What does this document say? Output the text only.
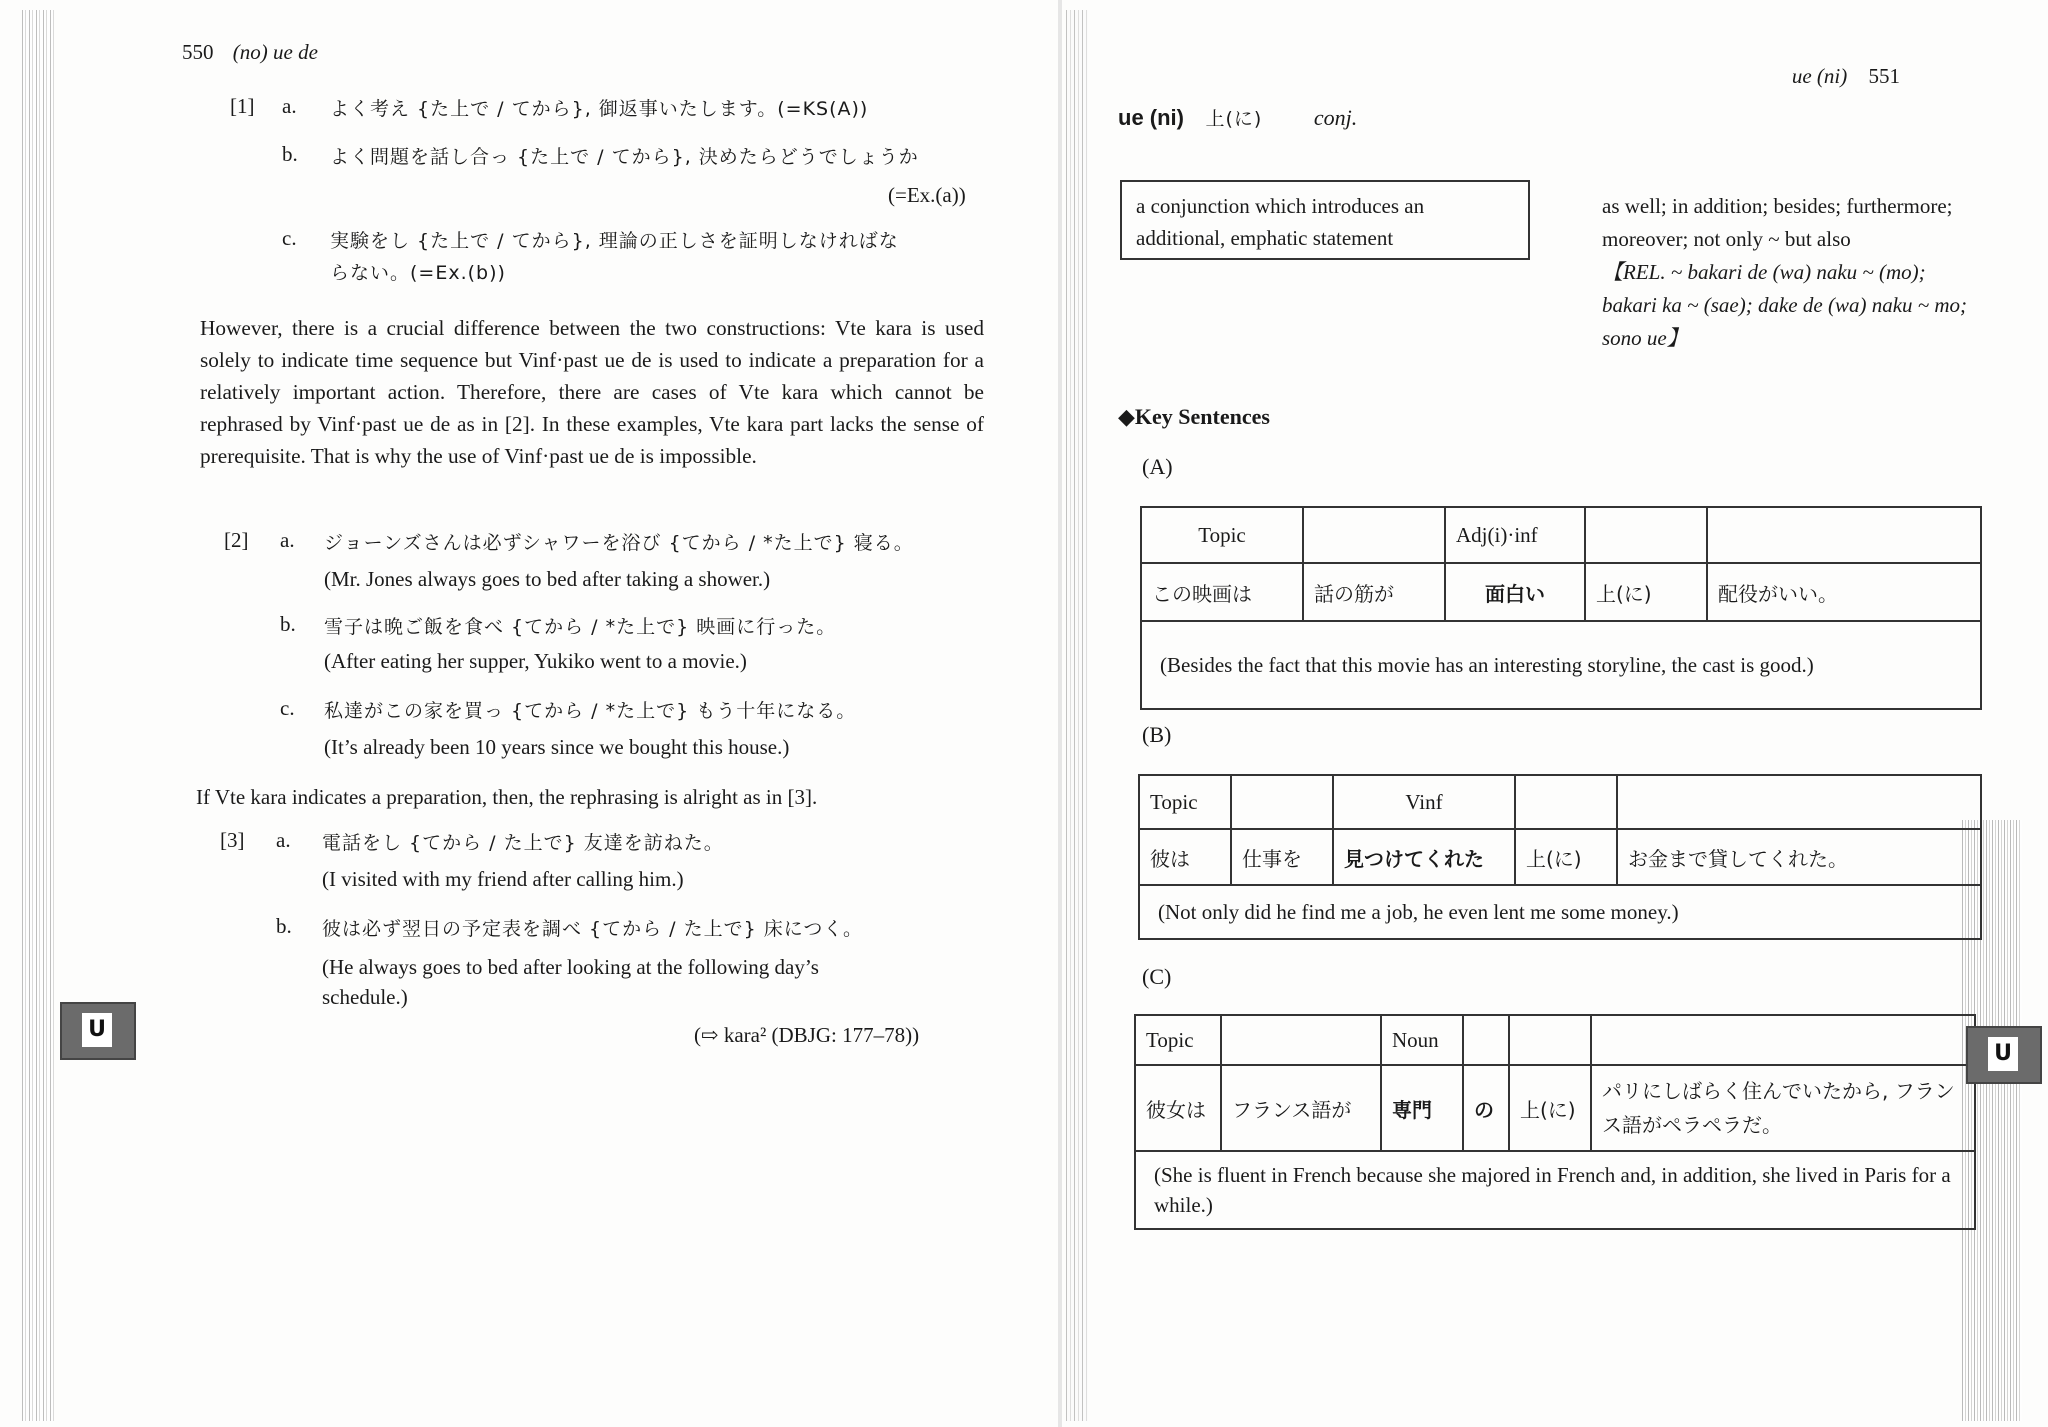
550 (no) ue de
[1] a. よく考え {た上で / てから}, 御返事いたします。(=KS(A))
b. よく問題を話し合っ {た上で / てから}, 決めたらどうでしょうか
(=Ex.(a))
c. 実験をし {た上で / てから}, 理論の正しさを証明しなければな
らない。(=Ex.(b))

However, there is a crucial difference between the two constructions: Vte kara is used solely to indicate time sequence but Vinf·past ue de is used to indicate a preparation for a relatively important action. Therefore, there are cases of Vte kara which cannot be rephrased by Vinf·past ue de as in [2]. In these examples, Vte kara part lacks the sense of prerequisite. That is why the use of Vinf·past ue de is impossible.

[2] a. ジョーンズさんは必ずシャワーを浴び {てから / *た上で} 寝る。
(Mr. Jones always goes to bed after taking a shower.)
b. 雪子は晩ご飯を食べ {てから / *た上で} 映画に行った。
(After eating her supper, Yukiko went to a movie.)
c. 私達がこの家を買っ {てから / *た上で} もう十年になる。
(It’s already been 10 years since we bought this house.)
If Vte kara indicates a preparation, then, the rephrasing is alright as in [3].
[3] a. 電話をし {てから / た上で} 友達を訪ねた。
(I visited with my friend after calling him.)
b. 彼は必ず翌日の予定表を調べ {てから / た上で} 床につく。
(He always goes to bed after looking at the following day’s
schedule.)
(⇨ kara² (DBJG: 177–78))
U
ue (ni) 551
ue (ni) 上(に) conj.
a conjunction which introduces an additional, emphatic statement
as well; in addition; besides; furthermore; moreover; not only ~ but also
【REL. ~ bakari de (wa) naku ~ (mo); bakari ka ~ (sae); dake de (wa) naku ~ mo; sono ue】
◆Key Sentences
(A)
Topic		Adj(i)·inf		
この映画は	話の筋が	面白い	上(に)	配役がいい。
(Besides the fact that this movie has an interesting storyline, the cast is good.)				
(B)
Topic		Vinf		
彼は	仕事を	見つけてくれた	上(に)	お金まで貸してくれた。
(Not only did he find me a job, he even lent me some money.)				
(C)
Topic		Noun			
彼女は	フランス語が	専門	の	上(に)	パリにしばらく住んでいたから, フランス語がペラペラだ。
(She is fluent in French because she majored in French and, in addition, she lived in Paris for a while.)					
U
